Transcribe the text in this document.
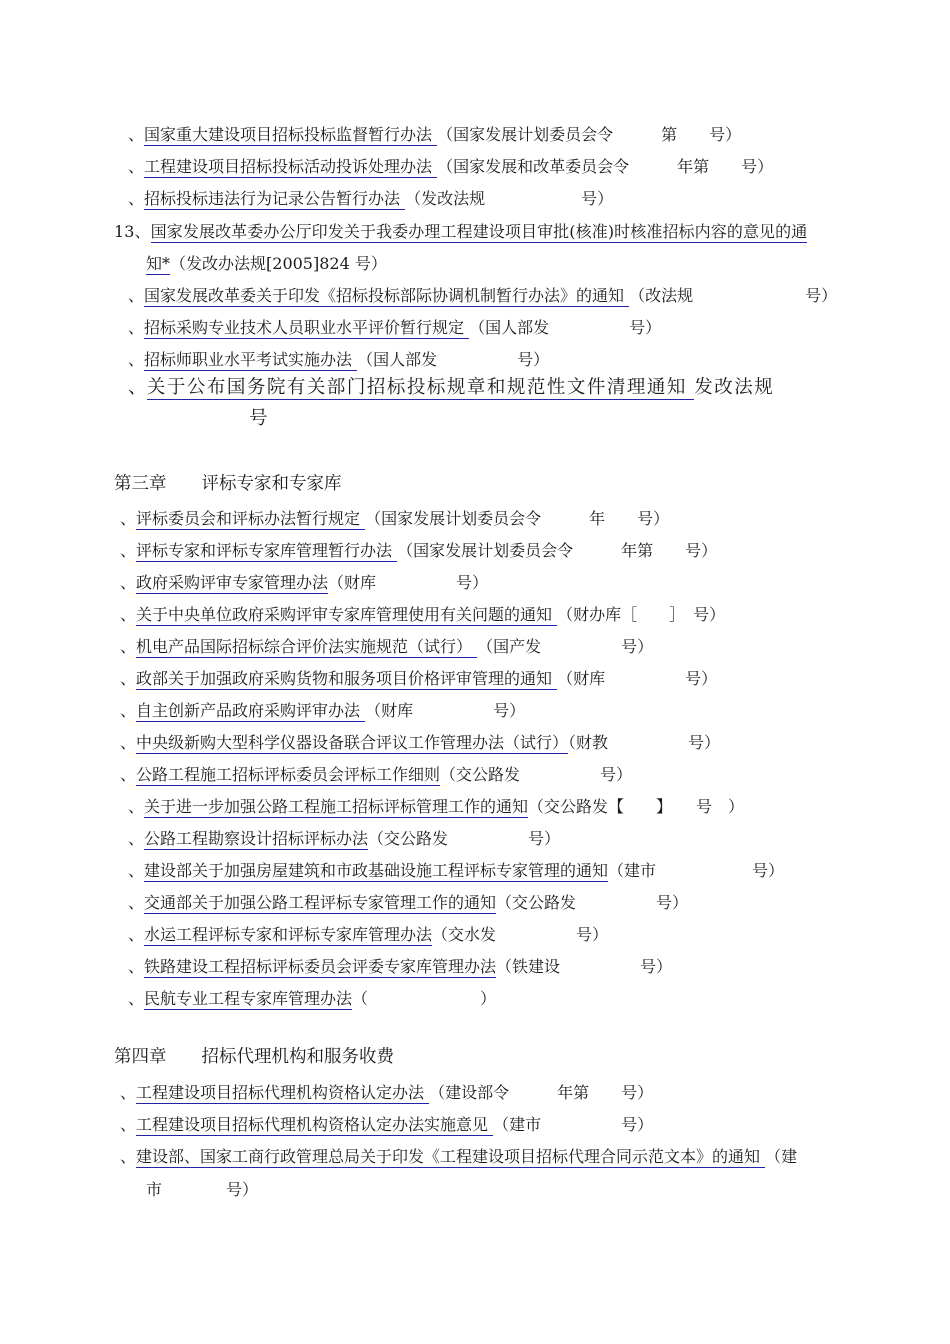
、国家重大建设项目招标投标监督暂行办法 （国家发展计划委员会令　　　第　　号）
、工程建设项目招标投标活动投诉处理办法 （国家发展和改革委员会令　　　年第　　号）
、招标投标违法行为记录公告暂行办法 （发改法规　　　　　　号）
13、国家发展改革委办公厅印发关于我委办理工程建设项目审批(核准)时核准招标内容的意见的通
知*（发改办法规[2005]824 号）
、国家发展改革委关于印发《招标投标部际协调机制暂行办法》的通知 （改法规　　　　　　　号）
、招标采购专业技术人员职业水平评价暂行规定 （国人部发　　　　　号）
、招标师职业水平考试实施办法 （国人部发　　　　　号）
、关于公布国务院有关部门招标投标规章和规范性文件清理通知 发改法规
号
第三章　　评标专家和专家库
、评标委员会和评标办法暂行规定 （国家发展计划委员会令　　　年　　号）
、评标专家和评标专家库管理暂行办法 （国家发展计划委员会令　　　年第　　号）
、政府采购评审专家管理办法（财库　　　　　号）
、关于中央单位政府采购评审专家库管理使用有关问题的通知 （财办库［　　］　号）
、机电产品国际招标综合评价法实施规范（试行） （国产发　　　　　号）
、政部关于加强政府采购货物和服务项目价格评审管理的通知 （财库　　　　　号）
、自主创新产品政府采购评审办法 （财库　　　　　号）
、中央级新购大型科学仪器设备联合评议工作管理办法（试行）（财教　　　　　号）
、公路工程施工招标评标委员会评标工作细则（交公路发　　　　　号）
、关于进一步加强公路工程施工招标评标管理工作的通知（交公路发【　　】　　号　）
、公路工程勘察设计招标评标办法（交公路发　　　　　号）
、建设部关于加强房屋建筑和市政基础设施工程评标专家管理的通知（建市　　　　　　号）
、交通部关于加强公路工程评标专家管理工作的通知（交公路发　　　　　号）
、水运工程评标专家和评标专家库管理办法（交水发　　　　　号）
、铁路建设工程招标评标委员会评委专家库管理办法（铁建设　　　　　号）
、民航专业工程专家库管理办法（　　　　　　　）
第四章　　招标代理机构和服务收费
、工程建设项目招标代理机构资格认定办法 （建设部令　　　年第　　号）
、工程建设项目招标代理机构资格认定办法实施意见 （建市　　　　　号）
、建设部、国家工商行政管理总局关于印发《工程建设项目招标代理合同示范文本》的通知 （建
市　　　　号）
